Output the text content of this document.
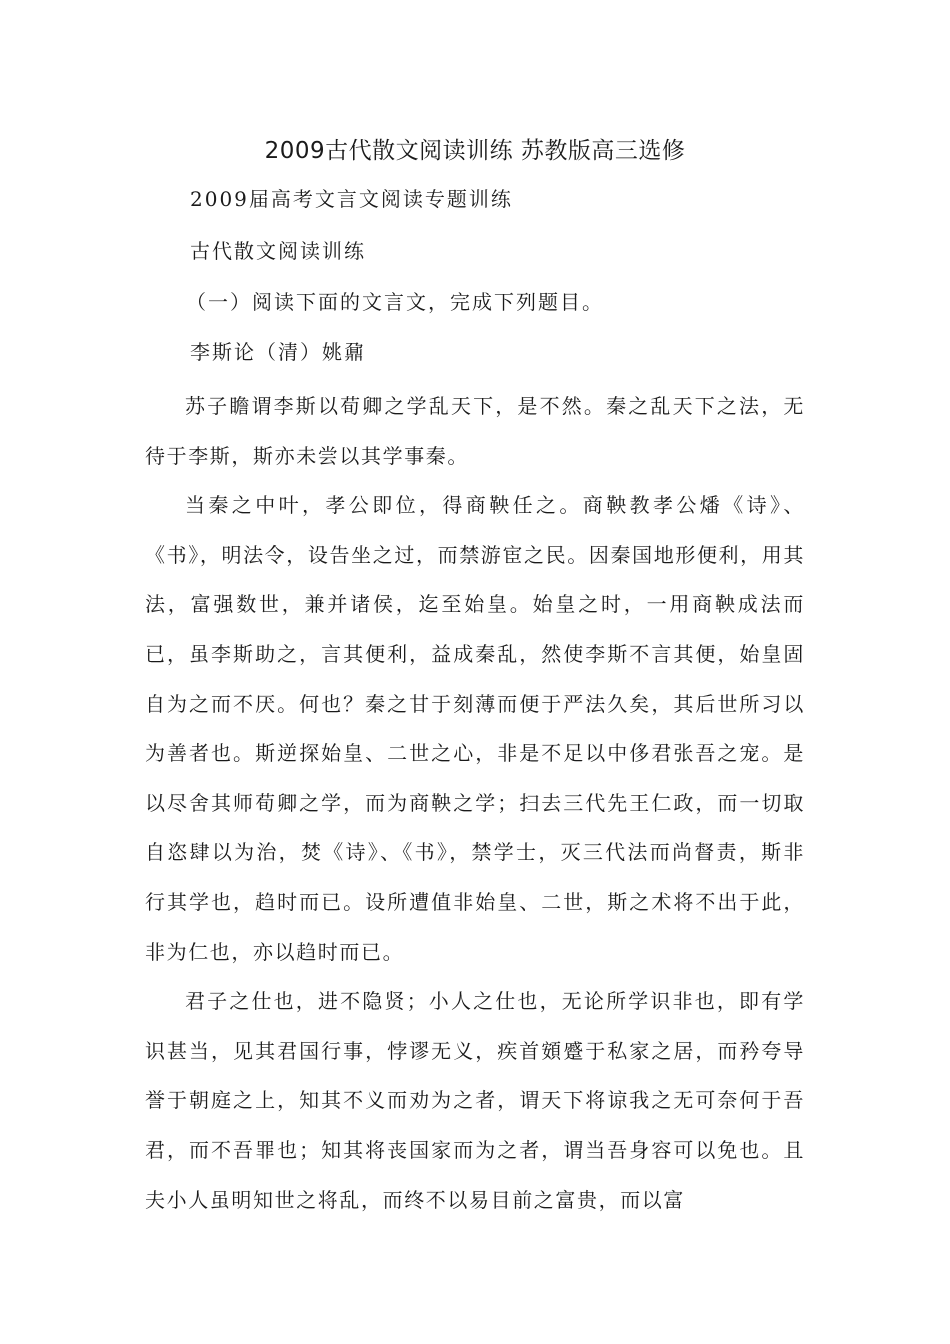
2009古代散文阅读训练 苏教版高三选修
2009届高考文言文阅读专题训练
古代散文阅读训练
（一）阅读下面的文言文，完成下列题目。
李斯论（清）姚鼐

苏子瞻谓李斯以荀卿之学乱天下，是不然。秦之乱天下之法，无待于李斯，斯亦未尝以其学事秦。

当秦之中叶，孝公即位，得商鞅任之。商鞅教孝公燔《诗》、《书》，明法令，设告坐之过，而禁游宦之民。因秦国地形便利，用其法，富强数世，兼并诸侯，迄至始皇。始皇之时，一用商鞅成法而已，虽李斯助之，言其便利，益成秦乱，然使李斯不言其便，始皇固自为之而不厌。何也？秦之甘于刻薄而便于严法久矣，其后世所习以为善者也。斯逆探始皇、二世之心，非是不足以中侈君张吾之宠。是以尽舍其师荀卿之学，而为商鞅之学；扫去三代先王仁政，而一切取自恣肆以为治，焚《诗》、《书》，禁学士，灭三代法而尚督责，斯非行其学也，趋时而已。设所遭值非始皇、二世，斯之术将不出于此，非为仁也，亦以趋时而已。

君子之仕也，进不隐贤；小人之仕也，无论所学识非也，即有学识甚当，见其君国行事，悖谬无义，疾首頞蹙于私家之居，而矜夸导誉于朝庭之上，知其不义而劝为之者，谓天下将谅我之无可奈何于吾君，而不吾罪也；知其将丧国家而为之者，谓当吾身容可以免也。且夫小人虽明知世之将乱，而终不以易目前之富贵，而以富
